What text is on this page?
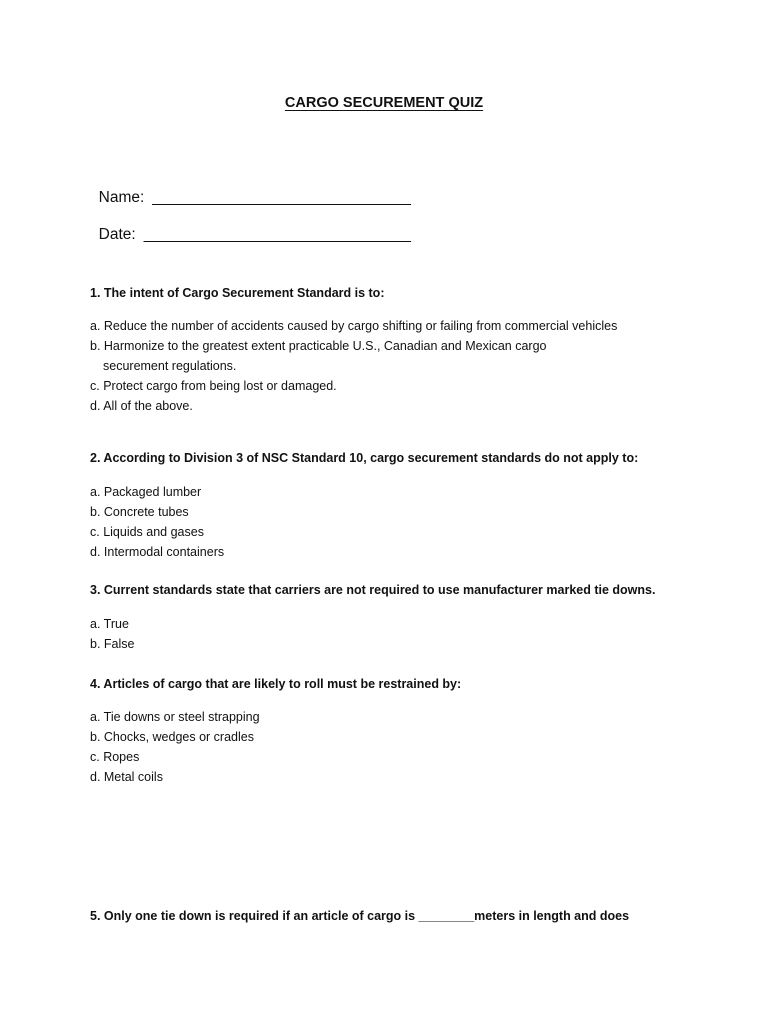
CARGO SECUREMENT QUIZ

Name: ______________________________

Date: _______________________________

1. The intent of Cargo Securement Standard is to:
a. Reduce the number of accidents caused by cargo shifting or failing from commercial vehicles
b. Harmonize to the greatest extent practicable U.S., Canadian and Mexican cargo
securement regulations.
c. Protect cargo from being lost or damaged.
d. All of the above.
2. According to Division 3 of NSC Standard 10, cargo securement standards do not apply to:
a. Packaged lumber
b. Concrete tubes
c. Liquids and gases
d. Intermodal containers
3. Current standards state that carriers are not required to use manufacturer marked tie downs.
a. True
b. False
4. Articles of cargo that are likely to roll must be restrained by:
a. Tie downs or steel strapping
b. Chocks, wedges or cradles
c. Ropes
d. Metal coils
5. Only one tie down is required if an article of cargo is ________meters in length and does
